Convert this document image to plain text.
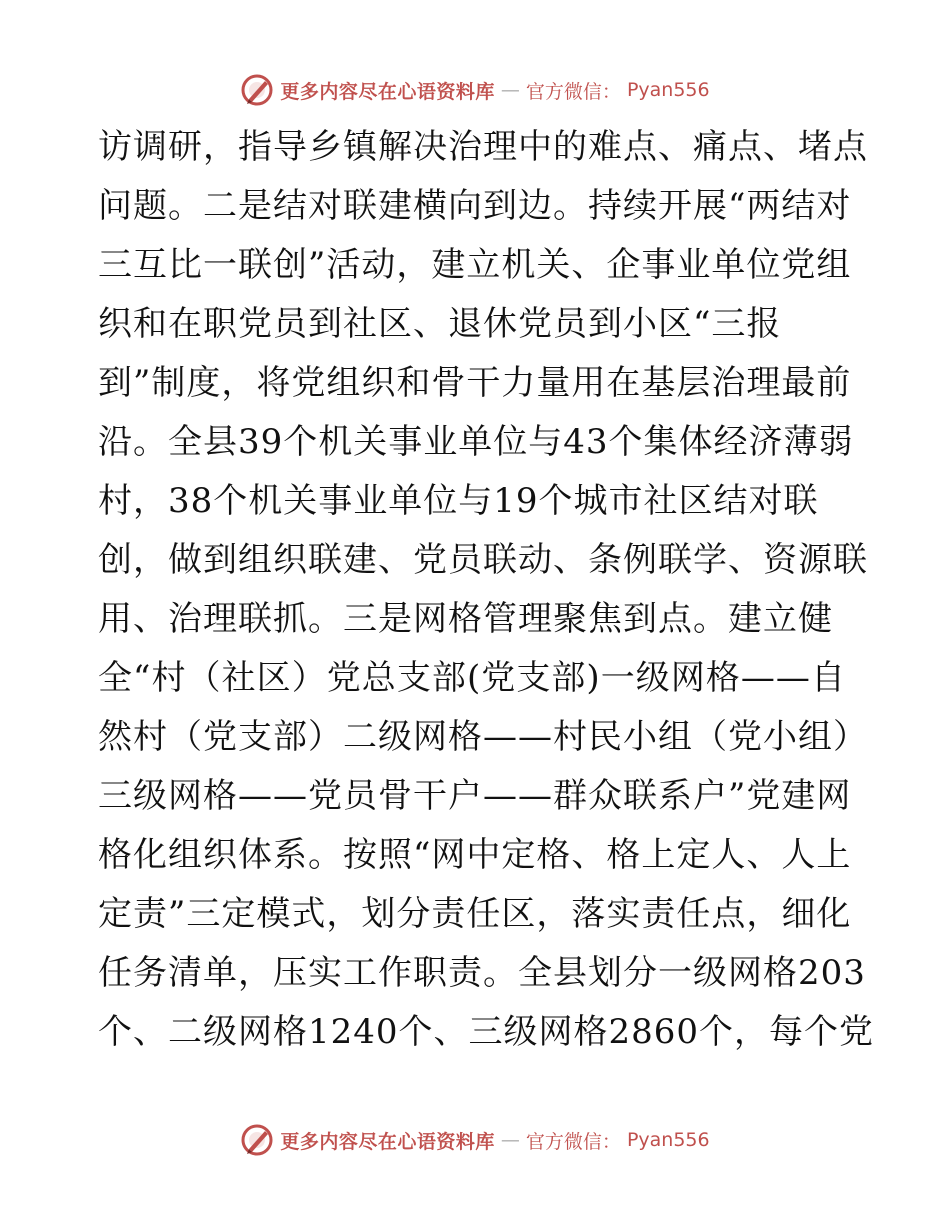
更多内容尽在心语资料库 — 官方微信： Pyan556
访调研，指导乡镇解决治理中的难点、痛点、堵点
问题。二是结对联建横向到边。持续开展“两结对
三互比一联创”活动，建立机关、企事业单位党组
织和在职党员到社区、退休党员到小区“三报
到”制度，将党组织和骨干力量用在基层治理最前
沿。全县39个机关事业单位与43个集体经济薄弱
村，38个机关事业单位与19个城市社区结对联
创，做到组织联建、党员联动、条例联学、资源联
用、治理联抓。三是网格管理聚焦到点。建立健
全“村（社区）党总支部(党支部)一级网格——自
然村（党支部）二级网格——村民小组（党小组）
三级网格——党员骨干户——群众联系户”党建网
格化组织体系。按照“网中定格、格上定人、人上
定责”三定模式，划分责任区，落实责任点，细化
任务清单，压实工作职责。全县划分一级网格203
个、二级网格1240个、三级网格2860个，每个党
更多内容尽在心语资料库 — 官方微信： Pyan556
